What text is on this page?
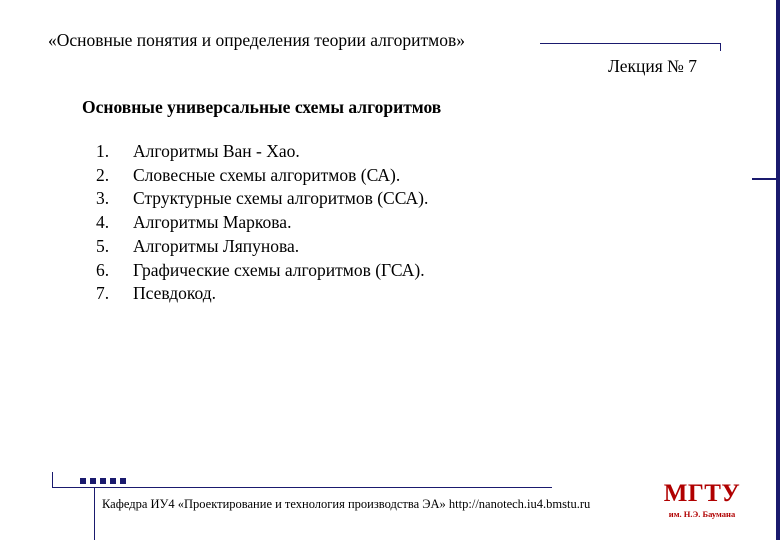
«Основные понятия и определения теории алгоритмов»
Лекция № 7
Основные универсальные схемы алгоритмов
1. Алгоритмы Ван - Хао.
2. Словесные схемы алгоритмов (СА).
3. Структурные схемы алгоритмов (ССА).
4. Алгоритмы Маркова.
5. Алгоритмы Ляпунова.
6. Графические схемы алгоритмов (ГСА).
7. Псевдокод.
Кафедра ИУ4 «Проектирование и технология производства ЭА» http://nanotech.iu4.bmstu.ru	МГТУ
им. Н.Э. Баумана
